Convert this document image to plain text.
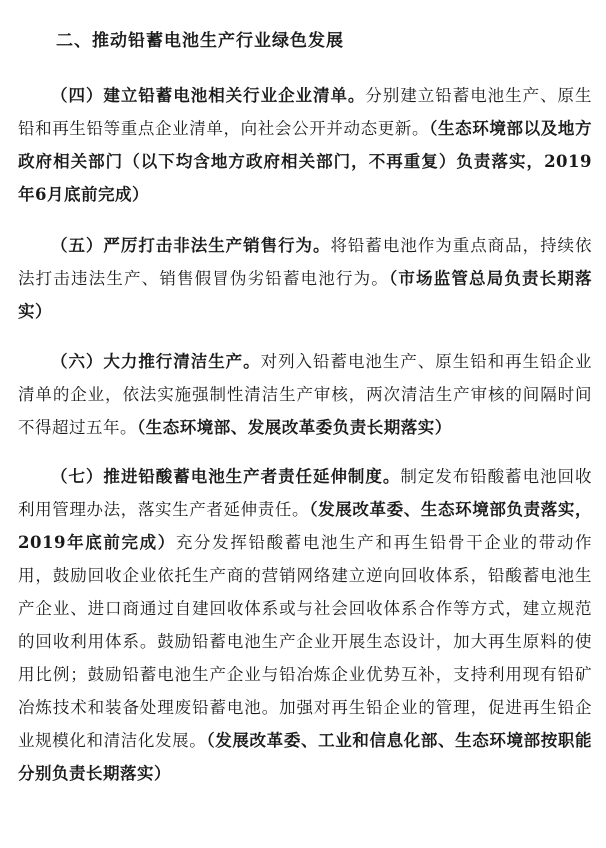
二、推动铅蓄电池生产行业绿色发展

（四）建立铅蓄电池相关行业企业清单。分别建立铅蓄电池生产、原生铅和再生铅等重点企业清单，向社会公开并动态更新。（生态环境部以及地方政府相关部门（以下均含地方政府相关部门，不再重复）负责落实，2019年6月底前完成）

（五）严厉打击非法生产销售行为。将铅蓄电池作为重点商品，持续依法打击违法生产、销售假冒伪劣铅蓄电池行为。（市场监管总局负责长期落实）

（六）大力推行清洁生产。对列入铅蓄电池生产、原生铅和再生铅企业清单的企业，依法实施强制性清洁生产审核，两次清洁生产审核的间隔时间不得超过五年。（生态环境部、发展改革委负责长期落实）

（七）推进铅酸蓄电池生产者责任延伸制度。制定发布铅酸蓄电池回收利用管理办法，落实生产者延伸责任。（发展改革委、生态环境部负责落实，2019年底前完成）充分发挥铅酸蓄电池生产和再生铅骨干企业的带动作用，鼓励回收企业依托生产商的营销网络建立逆向回收体系，铅酸蓄电池生产企业、进口商通过自建回收体系或与社会回收体系合作等方式，建立规范的回收利用体系。鼓励铅蓄电池生产企业开展生态设计，加大再生原料的使用比例；鼓励铅蓄电池生产企业与铅冶炼企业优势互补，支持利用现有铅矿冶炼技术和装备处理废铅蓄电池。加强对再生铅企业的管理，促进再生铅企业规模化和清洁化发展。（发展改革委、工业和信息化部、生态环境部按职能分别负责长期落实）
